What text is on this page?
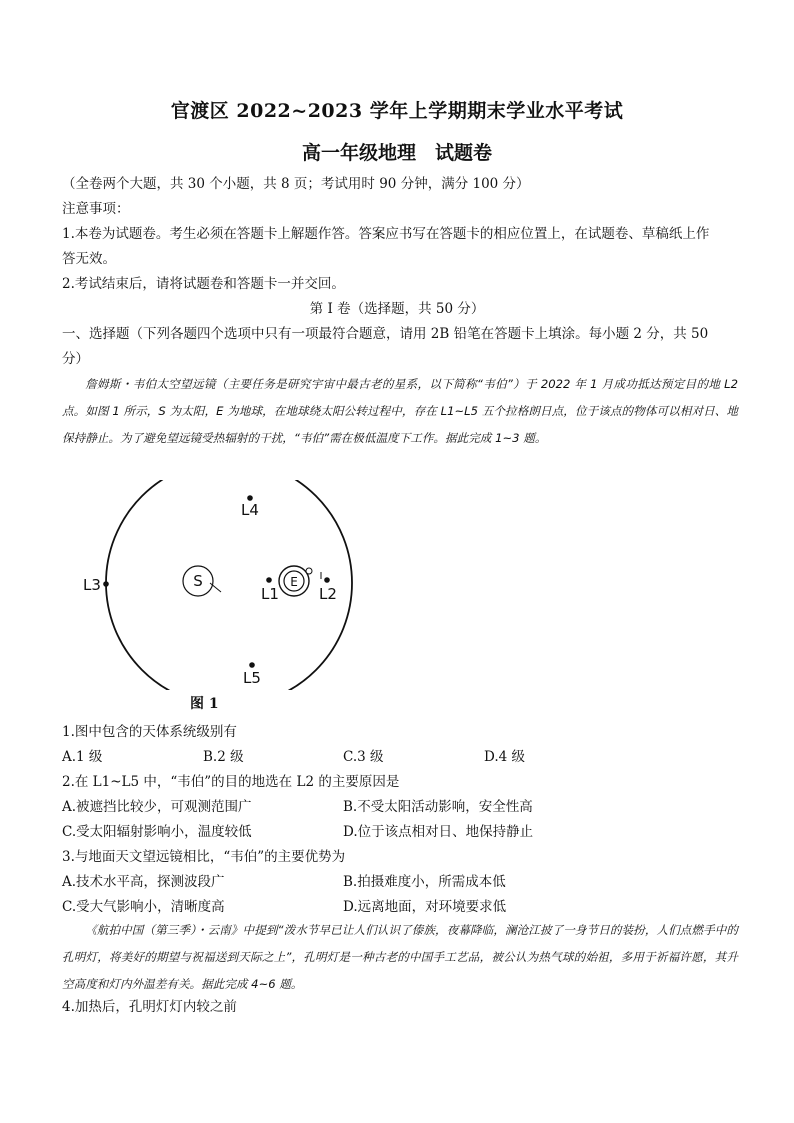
官渡区 2022~2023 学年上学期期末学业水平考试
高一年级地理　试题卷
（全卷两个大题，共 30 个小题，共 8 页；考试用时 90 分钟，满分 100 分）
注意事项：
1.本卷为试题卷。考生必须在答题卡上解题作答。答案应书写在答题卡的相应位置上，在试题卷、草稿纸上作
答无效。
2.考试结束后，请将试题卷和答题卡一并交回。
第 I 卷（选择题，共 50 分）
一、选择题（下列各题四个选项中只有一项最符合题意，请用 2B 铅笔在答题卡上填涂。每小题 2 分，共 50
分）
詹姆斯・韦伯太空望远镜（主要任务是研究宇宙中最古老的星系，以下简称“韦伯”）于 2022 年 1 月成功抵达预定目的地 L2 点。如图 1 所示，S 为太阳，E 为地球，在地球绕太阳公转过程中，存在 L1~L5 五个拉格朗日点，位于该点的物体可以相对日、地保持静止。为了避免望远镜受热辐射的干扰，“韦伯”需在极低温度下工作。据此完成 1~3 题。
S	E
L1	L2
L3
L4
L5
图 1
1.图中包含的天体系统级别有
A.1 级	B.2 级	C.3 级	D.4 级
2.在 L1~L5 中，“韦伯”的目的地选在 L2 的主要原因是
A.被遮挡比较少，可观测范围广	B.不受太阳活动影响，安全性高
C.受太阳辐射影响小，温度较低	D.位于该点相对日、地保持静止
3.与地面天文望远镜相比，“韦伯”的主要优势为
A.技术水平高，探测波段广	B.拍摄难度小，所需成本低
C.受大气影响小，清晰度高	D.远离地面，对环境要求低
《航拍中国（第三季）・云南》中提到“泼水节早已让人们认识了傣族，夜幕降临，澜沧江披了一身节日的装扮，人们点燃手中的孔明灯，将美好的期望与祝福送到天际之上”，孔明灯是一种古老的中国手工艺品，被公认为热气球的始祖，多用于祈福许愿，其升空高度和灯内外温差有关。据此完成 4~6 题。
4.加热后，孔明灯灯内较之前
